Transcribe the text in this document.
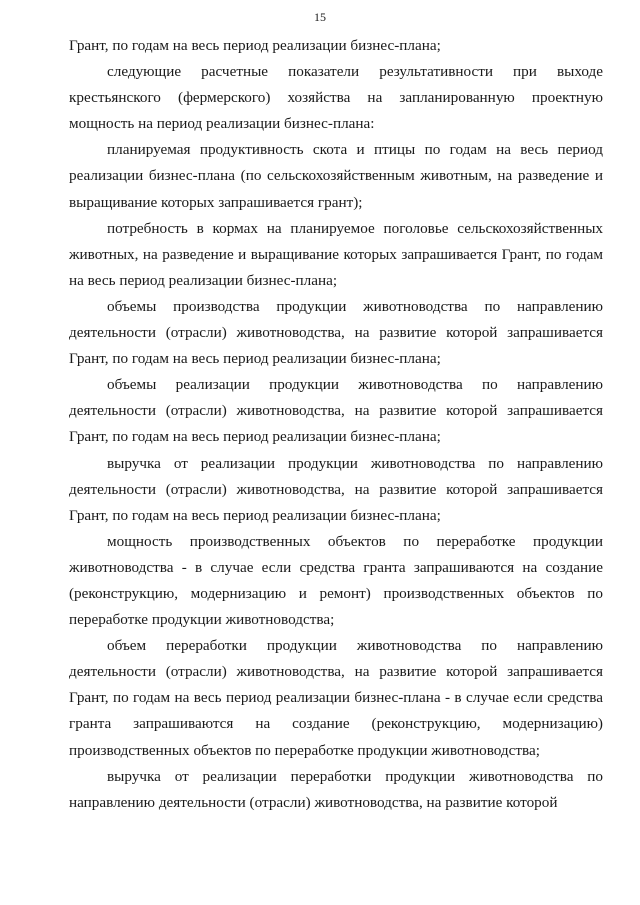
15

Грант, по годам на весь период реализации бизнес-плана;

следующие расчетные показатели результативности при выходе крестьянского (фермерского) хозяйства на запланированную проектную мощность на период реализации бизнес-плана:

планируемая продуктивность скота и птицы по годам на весь период реализации бизнес-плана (по сельскохозяйственным животным, на разведение и выращивание которых запрашивается грант);

потребность в кормах на планируемое поголовье сельскохозяйственных животных, на разведение и выращивание которых запрашивается Грант, по годам на весь период реализации бизнес-плана;

объемы производства продукции животноводства по направлению деятельности (отрасли) животноводства, на развитие которой запрашивается Грант, по годам на весь период реализации бизнес-плана;

объемы реализации продукции животноводства по направлению деятельности (отрасли) животноводства, на развитие которой запрашивается Грант, по годам на весь период реализации бизнес-плана;

выручка от реализации продукции животноводства по направлению деятельности (отрасли) животноводства, на развитие которой запрашивается Грант, по годам на весь период реализации бизнес-плана;

мощность производственных объектов по переработке продукции животноводства - в случае если средства гранта запрашиваются на создание (реконструкцию, модернизацию и ремонт) производственных объектов по переработке продукции животноводства;

объем переработки продукции животноводства по направлению деятельности (отрасли) животноводства, на развитие которой запрашивается Грант, по годам на весь период реализации бизнес-плана - в случае если средства гранта запрашиваются на создание (реконструкцию, модернизацию) производственных объектов по переработке продукции животноводства;

выручка от реализации переработки продукции животноводства по направлению деятельности (отрасли) животноводства, на развитие которой
